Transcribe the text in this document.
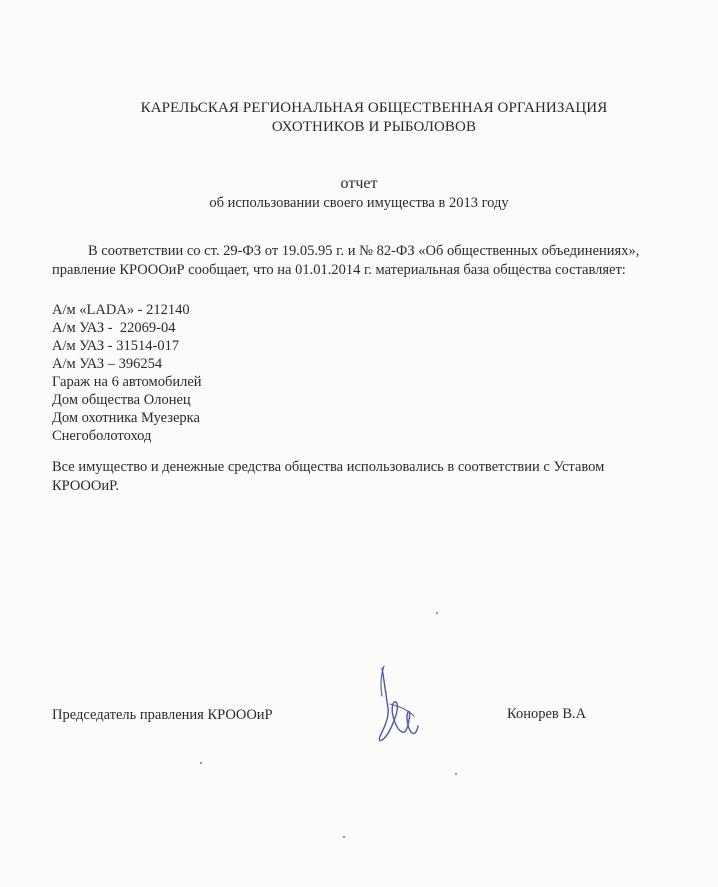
КАРЕЛЬСКАЯ РЕГИОНАЛЬНАЯ ОБЩЕСТВЕННАЯ ОРГАНИЗАЦИЯ
ОХОТНИКОВ И РЫБОЛОВОВ
отчет
об использовании своего имущества в 2013 году
В соответствии со ст. 29-ФЗ от 19.05.95 г. и № 82-ФЗ «Об общественных объединениях»,
правление КРОООиР сообщает, что на 01.01.2014 г. материальная база общества составляет:
А/м «LADA» - 212140
А/м УАЗ -  22069-04
А/м УАЗ - 31514-017
А/м УАЗ – 396254
Гараж на 6 автомобилей
Дом общества Олонец
Дом охотника Муезерка
Снегоболотоход
Все имущество и денежные средства общества использовались в соответствии с Уставом
КРОООиР.
Председатель правления КРОООиР	Конорев В.А
